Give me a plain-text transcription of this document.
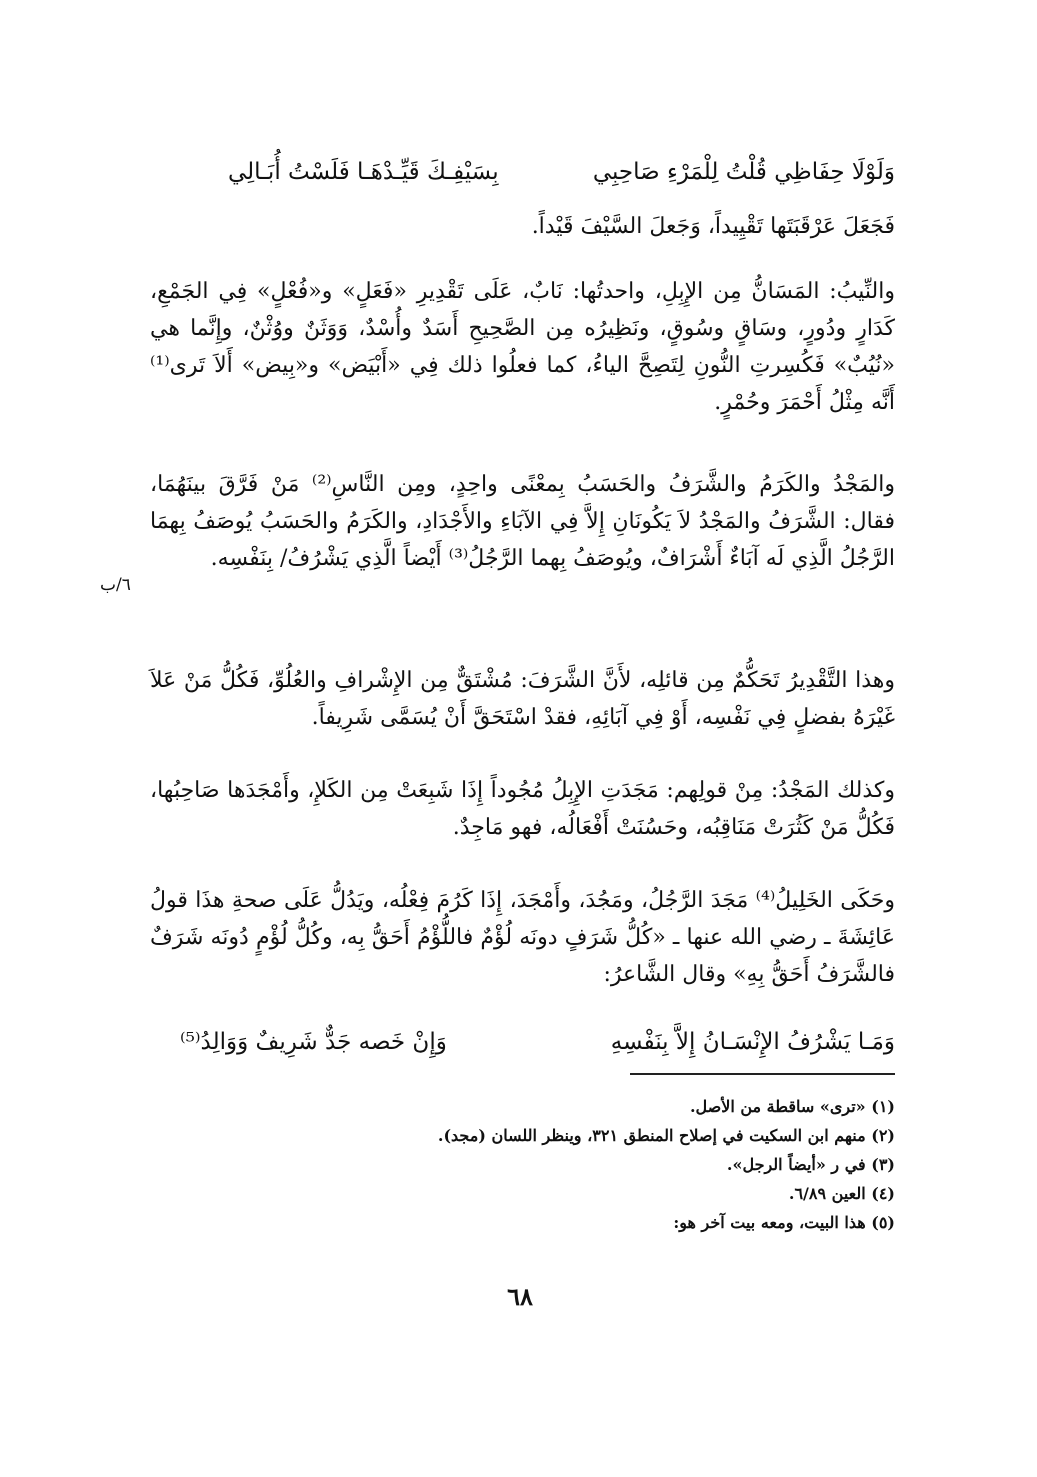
وَلَوْلَا حِفَاظِي قُلْتُ لِلْمَرْءِ صَاحِبِي
بِسَيْفِـكَ قَيِّـدْهَـا فَلَسْتُ أُبَـالِي

فَجَعَلَ عَرْقَبَتَها تَقْيِيداً، وَجَعلَ السَّيْفَ قَيْداً.

والنِّيبُ: المَسَانُّ مِن الإِبِلِ، واحدتُها: نَابٌ، عَلَى تَقْدِيرِ «فَعَلٍ» و«فُعْلٍ» فِي الجَمْعِ، كَدَارٍ ودُورٍ، وسَاقٍ وسُوقٍ، ونَظِيرُه مِن الصَّحِيحِ أَسَدٌ وأُسْدٌ، وَوَثَنٌ ووُثْنٌ، وإِنَّما هي «نُيُبٌ» فَكُسِرتِ النُّونِ لِتَصِحَّ الياءُ، كما فعلُوا ذلك فِي «أَبْيَض» و«بِيض» أَلاَ تَرى⁽¹⁾ أَنَّه مِثْلُ أَحْمَرَ وحُمْرٍ.

والمَجْدُ والكَرَمُ والشَّرَفُ والحَسَبُ بِمعْنًى واحِدٍ، ومِن النَّاسِ⁽²⁾ مَنْ فَرَّقَ بينَهُمَا، فقال: الشَّرَفُ والمَجْدُ لاَ يَكُونَانِ إِلاَّ فِي الآبَاءِ والأَجْدَادِ، والكَرَمُ والحَسَبُ يُوصَفُ بِهمَا الرَّجُلُ الَّذِي لَه آبَاءٌ أَشْرَافٌ، ويُوصَفُ بِهما الرَّجُلُ⁽³⁾ أَيْضاً الَّذِي يَشْرُفُ/ بِنَفْسِه.

٦/ب

وهذا التَّقْدِيرُ تَحَكُّمٌ مِن قائلِه، لأَنَّ الشَّرَفَ: مُشْتَقٌّ مِن الإِشْرافِ والعُلُوِّ، فَكُلُّ مَنْ عَلاَ غَيْرَهُ بفضلٍ فِي نَفْسِه، أَوْ فِي آبَائِهِ، فقدْ اسْتَحَقَّ أَنْ يُسَمَّى شَرِيفاً.

وكذلك المَجْدُ: مِنْ قولِهم: مَجَدَتِ الإِبِلُ مُجُوداً إِذَا شَبِعَتْ مِن الكَلإِ، وأَمْجَدَها صَاحِبُها، فَكُلُّ مَنْ كَثُرَتْ مَنَاقِبُه، وحَسُنَتْ أَفْعَالُه، فهو مَاجِدٌ.

وحَكَى الخَلِيلُ⁽⁴⁾ مَجَدَ الرَّجُلُ، ومَجُدَ، وأَمْجَدَ، إِذَا كَرُمَ فِعْلُه، ويَدُلُّ عَلَى صحةِ هذَا قولُ عَائِشَةَ ـ رضي الله عنها ـ «كُلُّ شَرَفٍ دونَه لُؤْمٌ فاللُّؤْمُ أَحَقُّ بِه، وكُلُّ لُؤْمٍ دُونَه شَرَفٌ فالشَّرَفُ أَحَقُّ بِهِ» وقال الشَّاعرُ:

وَمَـا يَشْرُفُ الإِنْسَـانُ إِلاَّ بِنَفْسِهِ
وَإِنْ خَصه جَدٌّ شَرِيفٌ وَوَالِدُ⁽⁵⁾
(١) «ترى» ساقطة من الأصل.
(٢) منهم ابن السكيت في إصلاح المنطق ٣٢١، وينظر اللسان (مجد).
(٣) في ر «أيضاً الرجل».
(٤) العين ٦/٨٩.
(٥) هذا البيت، ومعه بيت آخر هو:
٦٨
